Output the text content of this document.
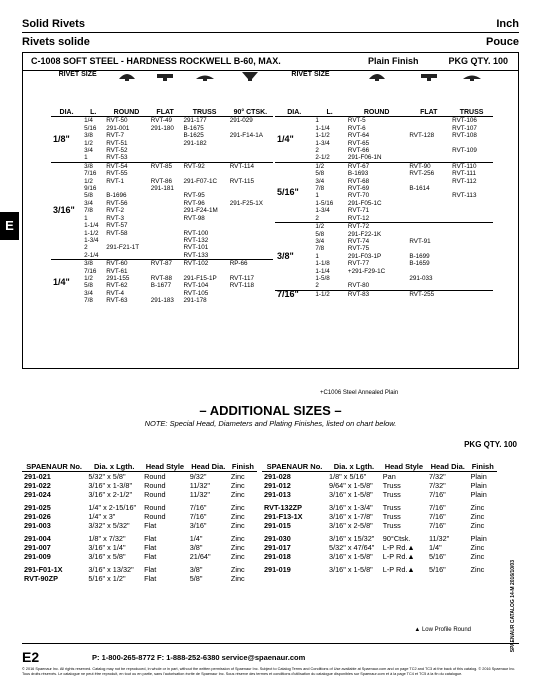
Solid Rivets	Inch
Rivets solide	Pouce
E
C-1008 SOFT STEEL - HARDNESS ROCKWELL B-60, MAX.	Plain Finish	PKG QTY. 100
RIVET SIZE	

DIA.	L.	ROUND	FLAT	TRUSS	90° CTSK.
1/8"	1/4	RVT-50	RVT-49	291-177	291-029
	5/16	291-001	291-180	B-1675	
	3/8	RVT-7		B-1625	291-F14-1A
	1/2	RVT-51		291-182	
	3/4	RVT-52			
	1	RVT-53			
3/16"	3/8	RVT-54	RVT-85	RVT-92	RVT-114
	7/16	RVT-55			
	1/2	RVT-1	RVT-86	291-F07-1C	RVT-115
	9/16		291-181		
	5/8	B-1696		RVT-95	
	3/4	RVT-56		RVT-96	291-F25-1X
	7/8	RVT-2		291-F24-1M	
	1	RVT-3		RVT-98	
	1-1/4	RVT-57			
	1-1/2	RVT-58		RVT-100	
	1-3/4			RVT-132	
	2	291-F21-1T		RVT-101	
	2-1/4			RVT-133	
1/4"	3/8	RVT-60	RVT-87	RVT-102	RP-66
	7/16	RVT-61			
	1/2	291-155	RVT-88	291-F15-1P	RVT-117
	5/8	RVT-62	B-1677	RVT-104	RVT-118
	3/4	RVT-4		RVT-105	
	7/8	RVT-63	291-183	291-178	
RIVET SIZE	

DIA.	L.	ROUND	FLAT	TRUSS
1/4"	1	RVT-5		RVT-106
	1-1/4	RVT-6		RVT-107
	1-1/2	RVT-64	RVT-128	RVT-108
	1-3/4	RVT-65		
	2	RVT-66		RVT-109
	2-1/2	291-F06-1N		
5/16"	1/2	RVT-67	RVT-90	RVT-110
	5/8	B-1693	RVT-256	RVT-111
	3/4	RVT-68		RVT-112
	7/8	RVT-69	B-1614	
	1	RVT-70		RVT-113
	1-5/16	291-F05-1C		
	1-3/4	RVT-71		
	2	RVT-12		
3/8"	1/2	RVT-72		
	5/8	291-F22-1K		
	3/4	RVT-74	RVT-91	
	7/8	RVT-75		
	1	291-F03-1P	B-1699	
	1-1/8	RVT-77	B-1659	
	1-1/4	+291-F29-1C		
	1-5/8		291-033	
	2	RVT-80		
7/16"	1-1/2	RVT-83	RVT-255	
+C1006 Steel Annealed Plain
– ADDITIONAL SIZES –
NOTE: Special Head, Diameters and Plating Finishes, listed on chart below.
PKG QTY. 100
SPAENAUR No.	Dia. x Lgth.	Head Style	Head Dia.	Finish
291-021	5/32" x 5/8"	Round	9/32"	Zinc
291-022	3/16" x 1-3/8"	Round	11/32"	Zinc
291-024	3/16" x 2-1/2"	Round	11/32"	Zinc
291-025	1/4" x 2-15/16"	Round	7/16"	Zinc
291-026	1/4" x 3"	Round	7/16"	Zinc
291-003	3/32" x 5/32"	Flat	3/16"	Zinc
291-004	1/8" x 7/32"	Flat	1/4"	Zinc
291-007	3/16" x 1/4"	Flat	3/8"	Zinc
291-009	3/16" x 5/8"	Flat	21/64"	Zinc
291-F01-1X	3/16" x 13/32"	Flat	3/8"	Zinc
RVT-90ZP	5/16" x 1/2"	Flat	5/8"	Zinc
SPAENAUR No.	Dia. x Lgth.	Head Style	Head Dia.	Finish
291-028	1/8" x 5/16"	Pan	7/32"	Plain
291-012	9/64" x 1-5/8"	Truss	7/32"	Plain
291-013	3/16" x 1-5/8"	Truss	7/16"	Plain
RVT-132ZP	3/16" x 1-3/4"	Truss	7/16"	Zinc
291-F13-1X	3/16" x 1-7/8"	Truss	7/16"	Zinc
291-015	3/16" x 2-5/8"	Truss	7/16"	Zinc
291-030	3/16" x 15/32"	90°Ctsk.	11/32"	Plain
291-017	5/32" x 47/64"	L-P Rd.▲	1/4"	Zinc
291-018	3/16" x 1-5/8"	L-P Rd.▲	5/16"	Zinc
291-019	3/16" x 1-5/8"	L-P Rd.▲	5/16"	Zinc
▲ Low Profile Round	SPAENAUR CATALOG 14-M 2016/10/03
E2	P: 1-800-265-8772 F: 1-888-252-6380 service@spaenaur.com
© 2016 Spaenaur Inc. All rights reserved. Catalog may not be reproduced, in whole or in part, without the written permission of Spaenaur Inc. Subject to Catalog Terms and Conditions of Use available at Spaenaur.com and on page TC2 and TC3 at the back of this catalog. © 2016 Spaenaur Inc. Tous droits réservés. Le catalogue ne peut être reproduit, en tout ou en partie, sans l'autorisation écrite de Spaenaur Inc. Sous réserve des termes et conditions d'utilisation du catalogue disponibles sur Spaenaur.com et à la page TC4 et TC5 à la fin du catalogue.
